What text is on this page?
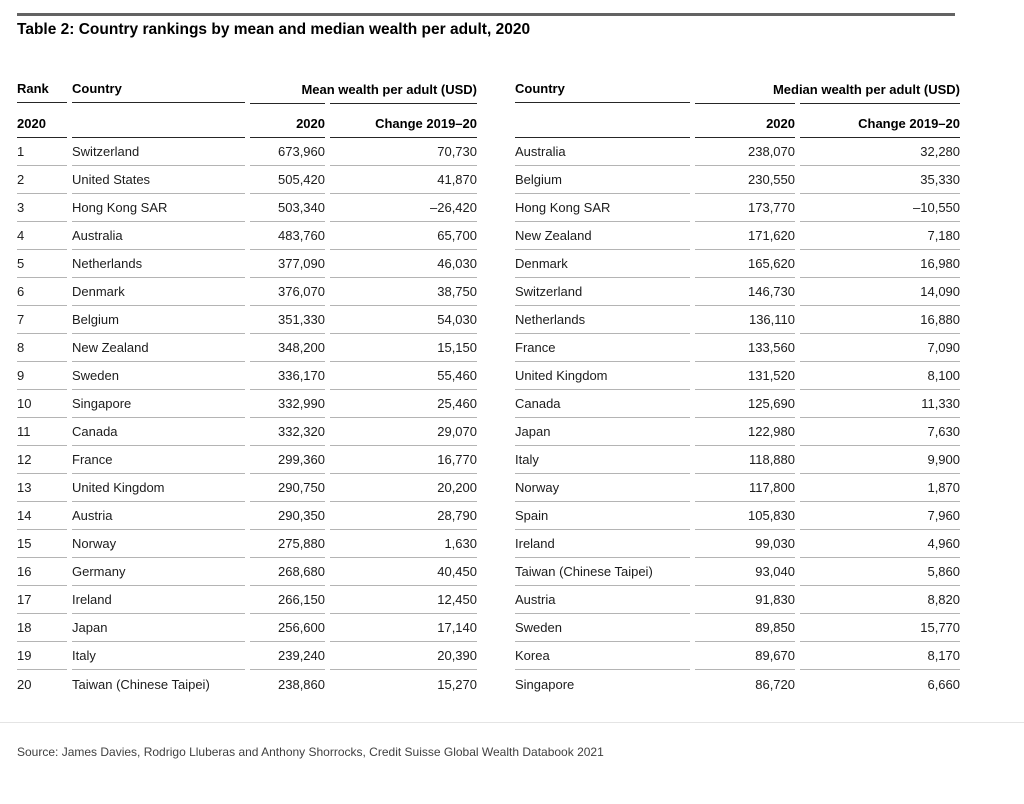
Table 2: Country rankings by mean and median wealth per adult, 2020
Rank	Country	Mean wealth per adult (USD)	
2020		2020	Change 2019–20
1	Switzerland	673,960	70,730
2	United States	505,420	41,870
3	Hong Kong SAR	503,340	–26,420
4	Australia	483,760	65,700
5	Netherlands	377,090	46,030
6	Denmark	376,070	38,750
7	Belgium	351,330	54,030
8	New Zealand	348,200	15,150
9	Sweden	336,170	55,460
10	Singapore	332,990	25,460
11	Canada	332,320	29,070
12	France	299,360	16,770
13	United Kingdom	290,750	20,200
14	Austria	290,350	28,790
15	Norway	275,880	1,630
16	Germany	268,680	40,450
17	Ireland	266,150	12,450
18	Japan	256,600	17,140
19	Italy	239,240	20,390
20	Taiwan (Chinese Taipei)	238,860	15,270
Country	Median wealth per adult (USD)	
	2020	Change 2019–20
Australia	238,070	32,280
Belgium	230,550	35,330
Hong Kong SAR	173,770	–10,550
New Zealand	171,620	7,180
Denmark	165,620	16,980
Switzerland	146,730	14,090
Netherlands	136,110	16,880
France	133,560	7,090
United Kingdom	131,520	8,100
Canada	125,690	11,330
Japan	122,980	7,630
Italy	118,880	9,900
Norway	117,800	1,870
Spain	105,830	7,960
Ireland	99,030	4,960
Taiwan (Chinese Taipei)	93,040	5,860
Austria	91,830	8,820
Sweden	89,850	15,770
Korea	89,670	8,170
Singapore	86,720	6,660
Source: James Davies, Rodrigo Lluberas and Anthony Shorrocks, Credit Suisse Global Wealth Databook 2021
